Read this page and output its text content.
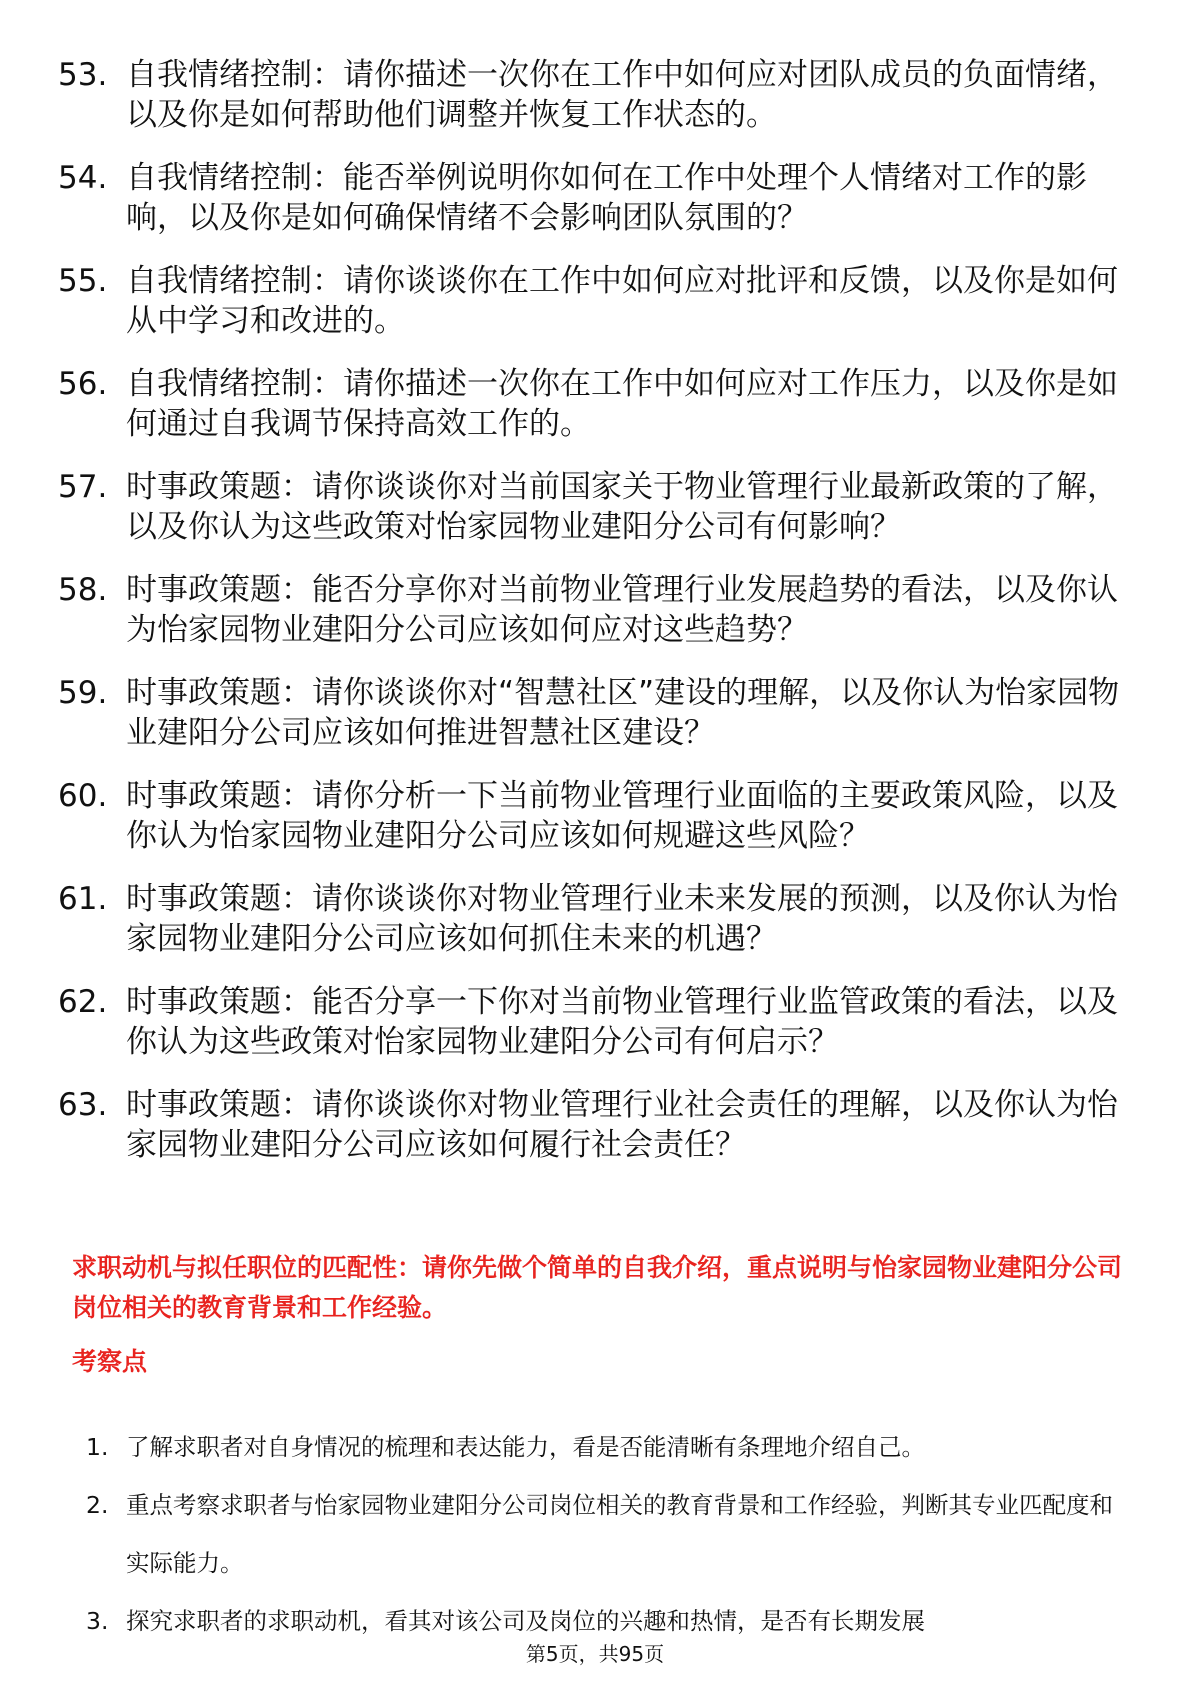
53. 自我情绪控制：请你描述一次你在工作中如何应对团队成员的负面情绪，以及你是如何帮助他们调整并恢复工作状态的。
54. 自我情绪控制：能否举例说明你如何在工作中处理个人情绪对工作的影响，以及你是如何确保情绪不会影响团队氛围的？
55. 自我情绪控制：请你谈谈你在工作中如何应对批评和反馈，以及你是如何从中学习和改进的。
56. 自我情绪控制：请你描述一次你在工作中如何应对工作压力，以及你是如何通过自我调节保持高效工作的。
57. 时事政策题：请你谈谈你对当前国家关于物业管理行业最新政策的了解，以及你认为这些政策对怡家园物业建阳分公司有何影响？
58. 时事政策题：能否分享你对当前物业管理行业发展趋势的看法，以及你认为怡家园物业建阳分公司应该如何应对这些趋势？
59. 时事政策题：请你谈谈你对“智慧社区”建设的理解，以及你认为怡家园物业建阳分公司应该如何推进智慧社区建设？
60. 时事政策题：请你分析一下当前物业管理行业面临的主要政策风险，以及你认为怡家园物业建阳分公司应该如何规避这些风险？
61. 时事政策题：请你谈谈你对物业管理行业未来发展的预测，以及你认为怡家园物业建阳分公司应该如何抓住未来的机遇？
62. 时事政策题：能否分享一下你对当前物业管理行业监管政策的看法，以及你认为这些政策对怡家园物业建阳分公司有何启示？
63. 时事政策题：请你谈谈你对物业管理行业社会责任的理解，以及你认为怡家园物业建阳分公司应该如何履行社会责任？
求职动机与拟任职位的匹配性：请你先做个简单的自我介绍，重点说明与怡家园物业建阳分公司岗位相关的教育背景和工作经验。
考察点
1. 了解求职者对自身情况的梳理和表达能力，看是否能清晰有条理地介绍自己。
2. 重点考察求职者与怡家园物业建阳分公司岗位相关的教育背景和工作经验，判断其专业匹配度和实际能力。
3. 探究求职者的求职动机，看其对该公司及岗位的兴趣和热情，是否有长期发展
第5页，共95页
